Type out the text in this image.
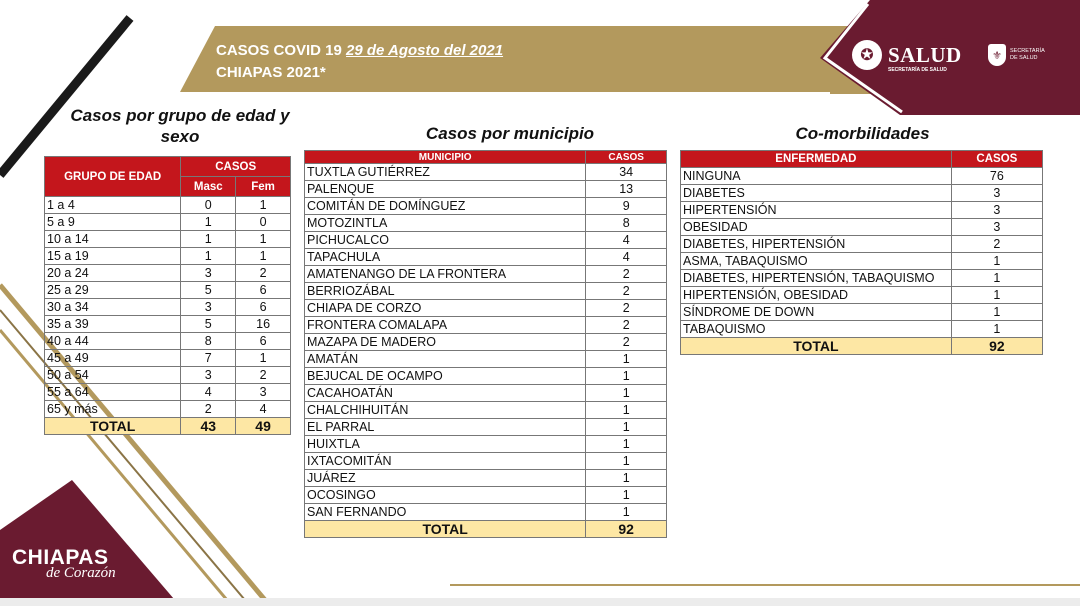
CASOS COVID 19 29 de Agosto del 2021
CHIAPAS 2021*
✪ SALUD
SECRETARÍA DE SALUD
⚜	SECRETARÍA
DE SALUD
Casos por grupo de edad y sexo	Casos por municipio	Co-morbilidades
GRUPO DE EDAD	CASOS	
	Masc	Fem
1 a 4	0	1
5 a 9	1	0
10 a 14	1	1
15 a 19	1	1
20 a 24	3	2
25 a 29	5	6
30 a 34	3	6
35 a 39	5	16
40 a 44	8	6
45 a 49	7	1
50 a 54	3	2
55 a 64	4	3
65 y más	2	4
TOTAL	43	49
MUNICIPIO	CASOS
TUXTLA GUTIÉRREZ	34
PALENQUE	13
COMITÁN DE DOMÍNGUEZ	9
MOTOZINTLA	8
PICHUCALCO	4
TAPACHULA	4
AMATENANGO DE LA FRONTERA	2
BERRIOZÁBAL	2
CHIAPA DE CORZO	2
FRONTERA COMALAPA	2
MAZAPA DE MADERO	2
AMATÁN	1
BEJUCAL DE OCAMPO	1
CACAHOATÁN	1
CHALCHIHUITÁN	1
EL PARRAL	1
HUIXTLA	1
IXTACOMITÁN	1
JUÁREZ	1
OCOSINGO	1
SAN FERNANDO	1
TOTAL	92
ENFERMEDAD	CASOS
NINGUNA	76
DIABETES	3
HIPERTENSIÓN	3
OBESIDAD	3
DIABETES, HIPERTENSIÓN	2
ASMA, TABAQUISMO	1
DIABETES, HIPERTENSIÓN, TABAQUISMO	1
HIPERTENSIÓN, OBESIDAD	1
SÍNDROME DE DOWN	1
TABAQUISMO	1
TOTAL	92
CHIAPAS
de Corazón
